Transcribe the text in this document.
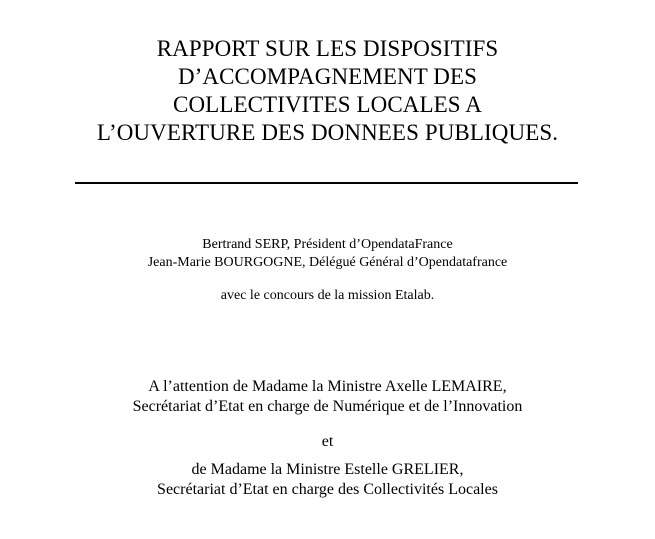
RAPPORT SUR LES DISPOSITIFS
D’ACCOMPAGNEMENT DES
COLLECTIVITES LOCALES A
L’OUVERTURE DES DONNEES PUBLIQUES.
Bertrand SERP, Président d’OpendataFrance
Jean-Marie BOURGOGNE, Délégué Général d’Opendatafrance
avec le concours de la mission Etalab.
A l’attention de Madame la Ministre Axelle LEMAIRE,
Secrétariat d’Etat en charge de Numérique et de l’Innovation
et
de Madame la Ministre Estelle GRELIER,
Secrétariat d’Etat en charge des Collectivités Locales
